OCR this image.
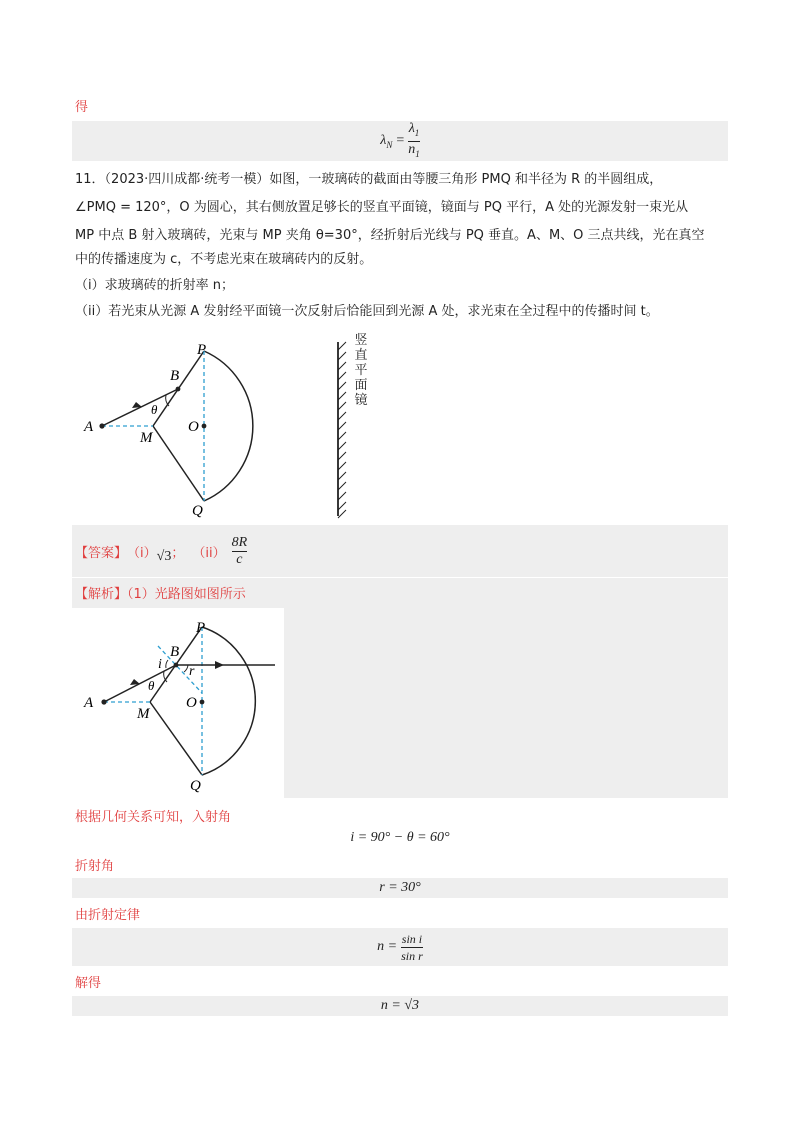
得
$\lambda_N = \frac{\lambda_1}{n_1}$
11．（2023·四川成都·统考一模）如图，一玻璃砖的截面由等腰三角形 PMQ 和半径为 R 的半圆组成，
∠PMQ = 120°，O 为圆心，其右侧放置足够长的竖直平面镜，镜面与 PQ 平行，A 处的光源发射一束光从
MP 中点 B 射入玻璃砖，光束与 MP 夹角 θ=30°，经折射后光线与 PQ 垂直。A、M、O 三点共线，光在真空
中的传播速度为 c，不考虑光束在玻璃砖内的反射。
（i）求玻璃砖的折射率 n；
（ii）若光束从光源 A 发射经平面镜一次反射后恰能回到光源 A 处，求光束在全过程中的传播时间 t。
P
B
A
M
O
Q
θ
竖
直
平
面
镜
【答案】 （i） √3 ； $(ii) \frac{8R}{c}$
【解析】（1）光路图如图所示
P
B
A
M
O
Q
θ
i r
根据几何关系可知，入射角
i = 90° − θ = 60°
折射角
r = 30°
由折射定律
$n = \frac{\text{sin i}}{\text{sin r}}$
解得
n = √3
